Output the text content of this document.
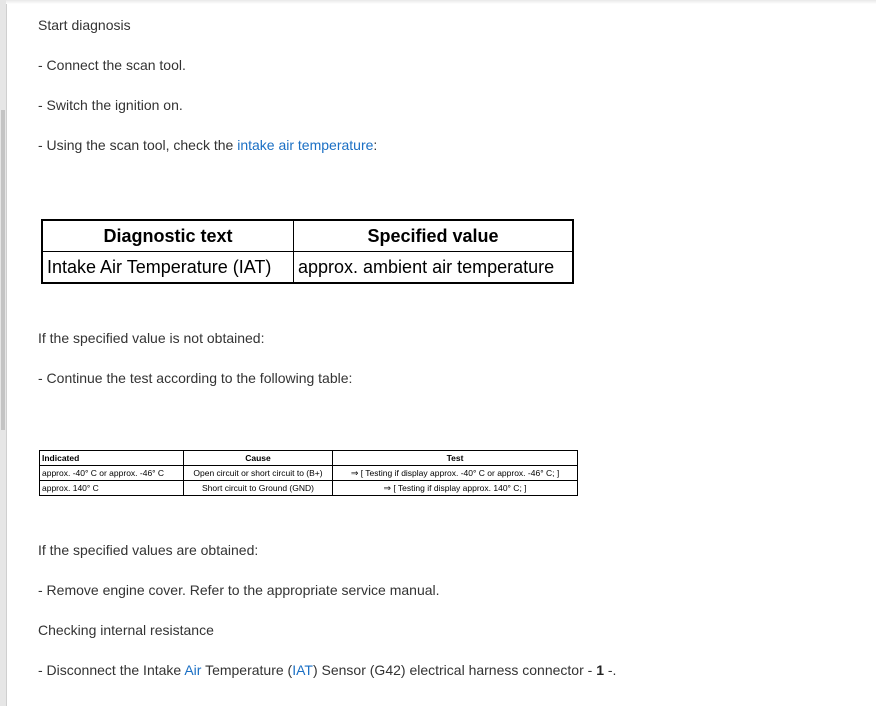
Start diagnosis
- Connect the scan tool.
- Switch the ignition on.
- Using the scan tool, check the intake air temperature:
Diagnostic text	Specified value
Intake Air Temperature (IAT)	approx. ambient air temperature
If the specified value is not obtained:
- Continue the test according to the following table:
Indicated	Cause	Test
approx. -40° C or approx. -46° C	Open circuit or short circuit to (B+)	⇒ [ Testing if display approx. -40° C or approx. -46° C; ]
approx. 140° C	Short circuit to Ground (GND)	⇒ [ Testing if display approx. 140° C; ]
If the specified values are obtained:
- Remove engine cover. Refer to the appropriate service manual.
Checking internal resistance
- Disconnect the Intake Air Temperature (IAT) Sensor (G42) electrical harness connector - 1 -.
